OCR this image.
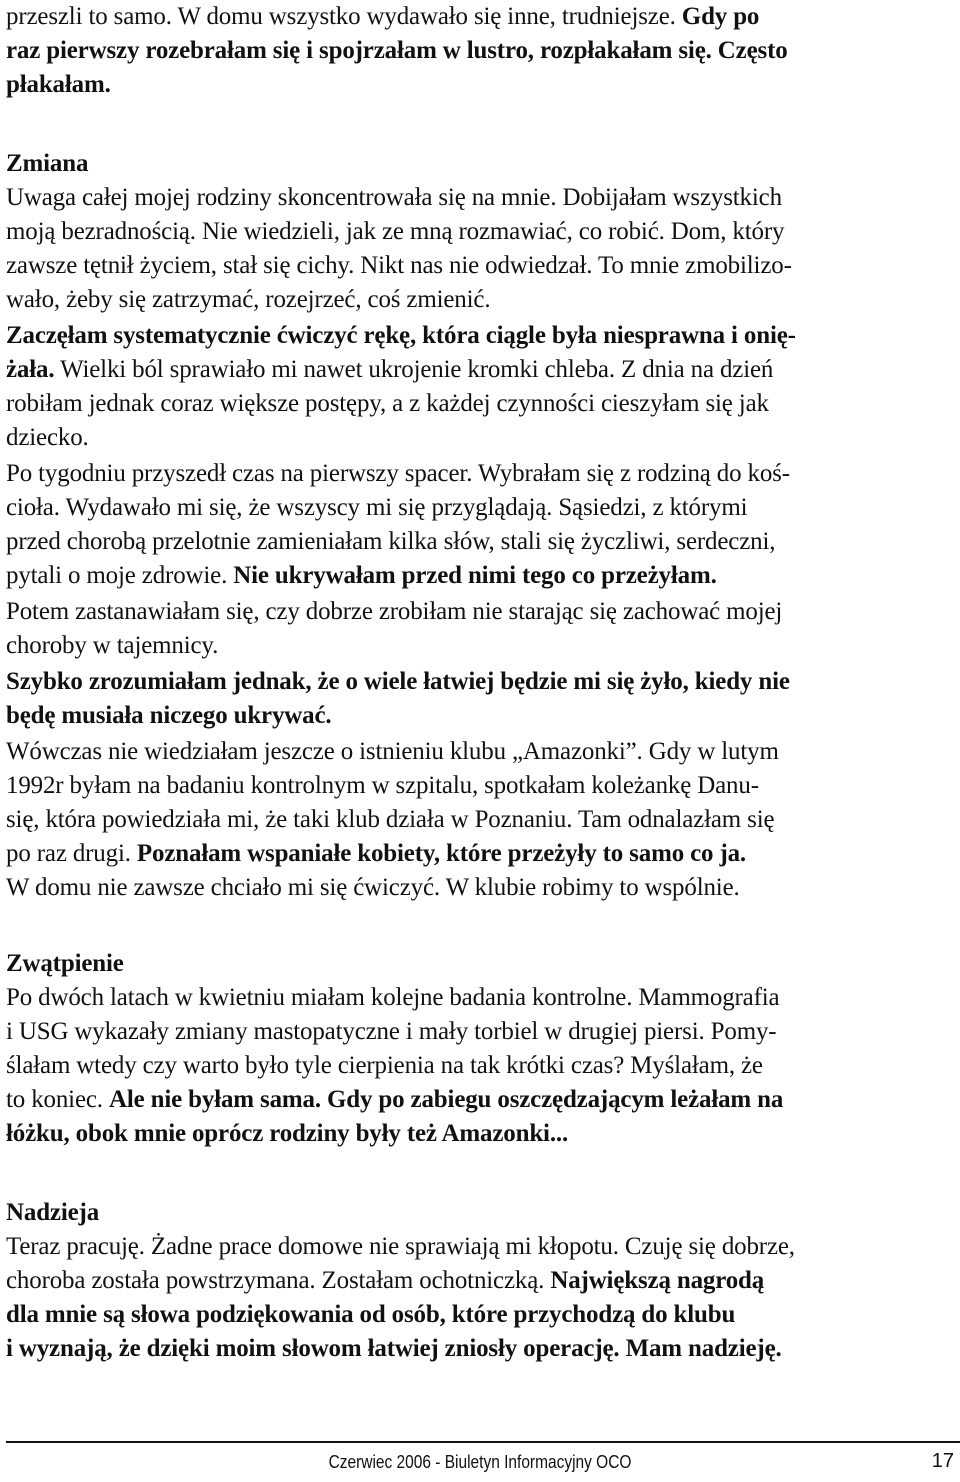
przeszli to samo. W domu wszystko wydawało się inne, trudniejsze. Gdy po
raz pierwszy rozebrałam się i spojrzałam w lustro, rozpłakałam się. Często
płakałam.
Zmiana
Uwaga całej mojej rodziny skoncentrowała się na mnie. Dobijałam wszystkich
moją bezradnością. Nie wiedzieli, jak ze mną rozmawiać, co robić. Dom, który
zawsze tętnił życiem, stał się cichy. Nikt nas nie odwiedzał. To mnie zmobilizo-
wało, żeby się zatrzymać, rozejrzeć, coś zmienić.
Zaczęłam systematycznie ćwiczyć rękę, która ciągle była niesprawna i onię-
żała. Wielki ból sprawiało mi nawet ukrojenie kromki chleba. Z dnia na dzień
robiłam jednak coraz większe postępy, a z każdej czynności cieszyłam się jak
dziecko.
Po tygodniu przyszedł czas na pierwszy spacer. Wybrałam się z rodziną do koś-
cioła. Wydawało mi się, że wszyscy mi się przyglądają. Sąsiedzi, z którymi
przed chorobą przelotnie zamieniałam kilka słów, stali się życzliwi, serdeczni,
pytali o moje zdrowie. Nie ukrywałam przed nimi tego co przeżyłam.
Potem zastanawiałam się, czy dobrze zrobiłam nie starając się zachować mojej
choroby w tajemnicy.
Szybko zrozumiałam jednak, że o wiele łatwiej będzie mi się żyło, kiedy nie
będę musiała niczego ukrywać.
Wówczas nie wiedziałam jeszcze o istnieniu klubu „Amazonki”. Gdy w lutym
1992r byłam na badaniu kontrolnym w szpitalu, spotkałam koleżankę Danu-
się, która powiedziała mi, że taki klub działa w Poznaniu. Tam odnalazłam się
po raz drugi. Poznałam wspaniałe kobiety, które przeżyły to samo co ja.
W domu nie zawsze chciało mi się ćwiczyć. W klubie robimy to wspólnie.
Zwątpienie
Po dwóch latach w kwietniu miałam kolejne badania kontrolne. Mammografia
i USG wykazały zmiany mastopatyczne i mały torbiel w drugiej piersi. Pomy-
ślałam wtedy czy warto było tyle cierpienia na tak krótki czas? Myślałam, że
to koniec. Ale nie byłam sama. Gdy po zabiegu oszczędzającym leżałam na
łóżku, obok mnie oprócz rodziny były też Amazonki...
Nadzieja
Teraz pracuję. Żadne prace domowe nie sprawiają mi kłopotu. Czuję się dobrze,
choroba została powstrzymana. Zostałam ochotniczką. Największą nagrodą
dla mnie są słowa podziękowania od osób, które przychodzą do klubu
i wyznają, że dzięki moim słowom łatwiej zniosły operację. Mam nadzieję.
Czerwiec 2006 - Biuletyn Informacyjny OCO	17
